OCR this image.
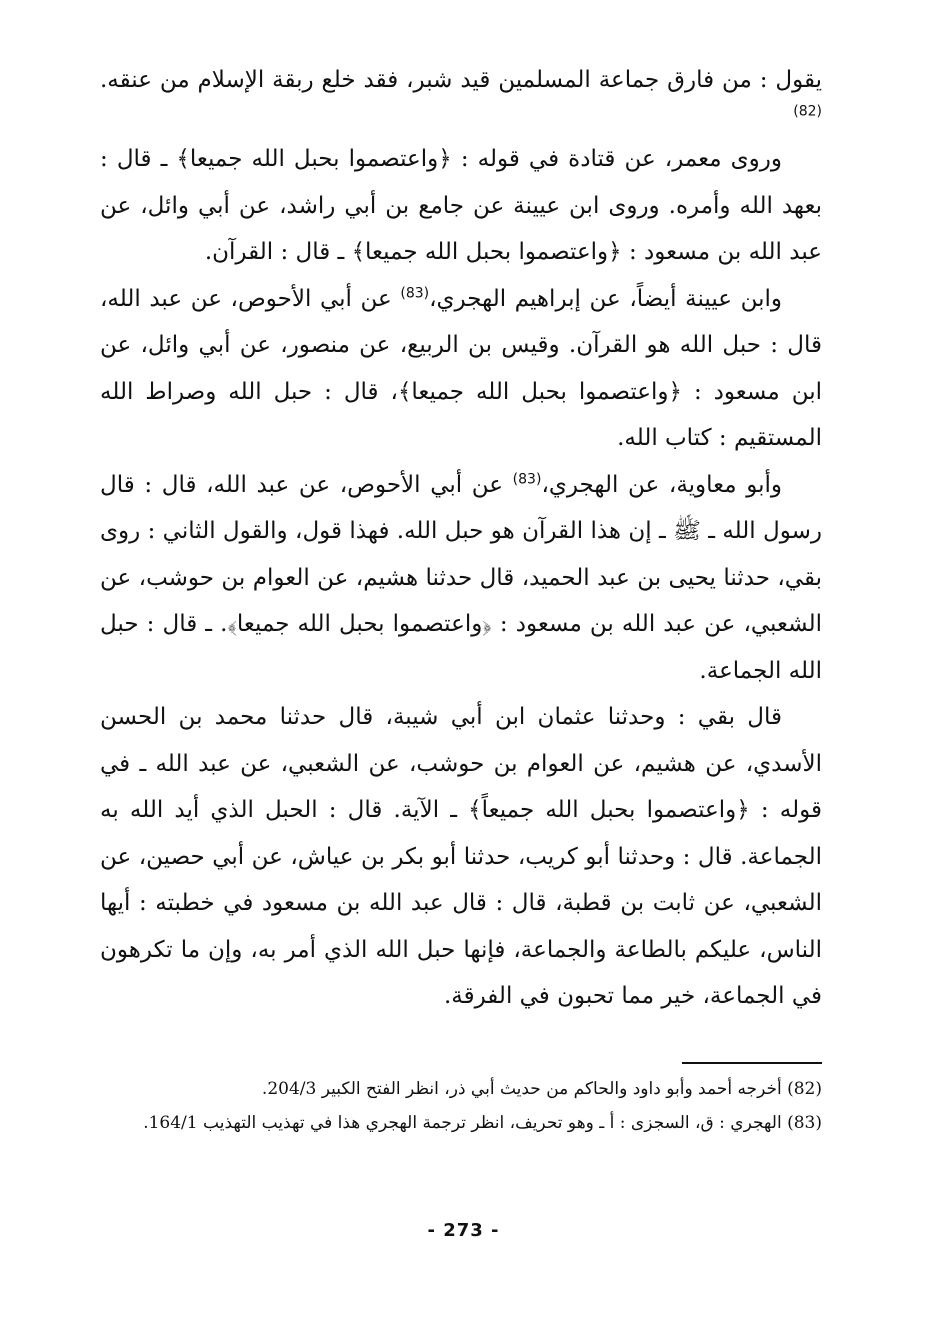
يقول : من فارق جماعة المسلمين قيد شبر، فقد خلع ربقة الإسلام من عنقه.$^{(82)}$

وروى معمر، عن قتادة في قوله : ﴿واعتصموا بحبل الله جميعا﴾ ـ قال : بعهد الله وأمره. وروى ابن عيينة عن جامع بن أبي راشد، عن أبي وائل، عن عبد الله بن مسعود : ﴿واعتصموا بحبل الله جميعا﴾ ـ قال : القرآن.

وابن عيينة أيضاً، عن إبراهيم الهجري،$^{(83)}$ عن أبي الأحوص، عن عبد الله، قال : حبل الله هو القرآن. وقيس بن الربيع، عن منصور، عن أبي وائل، عن ابن مسعود : ﴿واعتصموا بحبل الله جميعا﴾، قال : حبل الله وصراط الله المستقيم : كتاب الله.

وأبو معاوية، عن الهجري،$^{(83)}$ عن أبي الأحوص، عن عبد الله، قال : قال رسول الله ـ ﷺ ـ إن هذا القرآن هو حبل الله. فهذا قول، والقول الثاني : روى بقي، حدثنا يحيى بن عبد الحميد، قال حدثنا هشيم، عن العوام بن حوشب، عن الشعبي، عن عبد الله بن مسعود : ﴿واعتصموا بحبل الله جميعا﴾. ـ قال : حبل الله الجماعة.

قال بقي : وحدثنا عثمان ابن أبي شيبة، قال حدثنا محمد بن الحسن الأسدي، عن هشيم، عن العوام بن حوشب، عن الشعبي، عن عبد الله ـ في قوله : ﴿واعتصموا بحبل الله جميعاً﴾ ـ الآية. قال : الحبل الذي أيد الله به الجماعة. قال : وحدثنا أبو كريب، حدثنا أبو بكر بن عياش، عن أبي حصين، عن الشعبي، عن ثابت بن قطبة، قال : قال عبد الله بن مسعود في خطبته : أيها الناس، عليكم بالطاعة والجماعة، فإنها حبل الله الذي أمر به، وإن ما تكرهون في الجماعة، خير مما تحبون في الفرقة.

(82) أخرجه أحمد وأبو داود والحاكم من حديث أبي ذر، انظر الفتح الكبير 204/3.

(83) الهجري : ق، السجزى : أ ـ وهو تحريف، انظر ترجمة الهجري هذا في تهذيب التهذيب 164/1.

- 273 -
